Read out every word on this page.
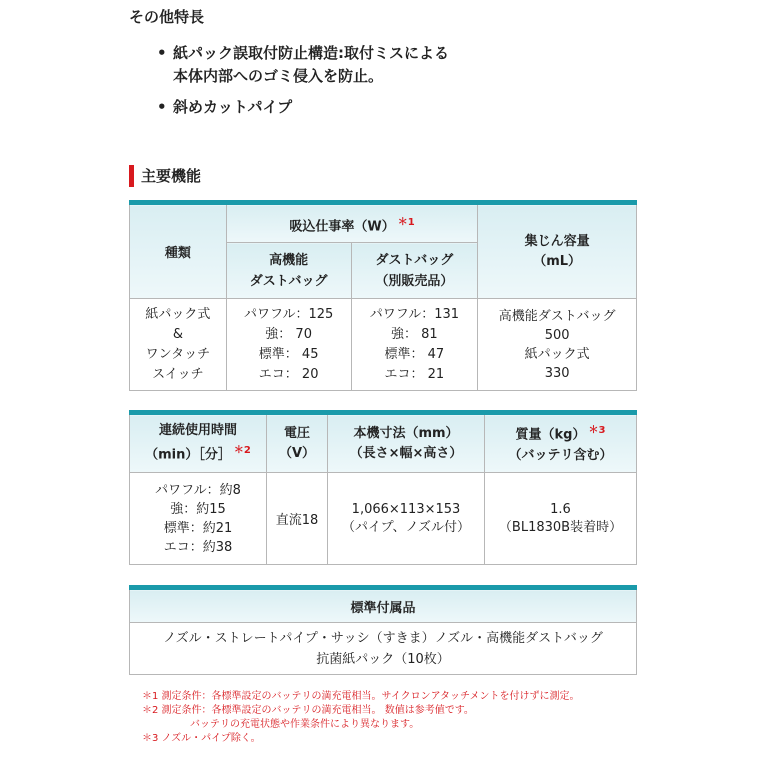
その他特長
• 紙パック誤取付防止構造:取付ミスによる
本体内部へのゴミ侵入を防止。
• 斜めカットパイプ
主要機能
種類	吸込仕事率（W） $^{*1}$		集じん容量
（mL）
	高機能
ダストバッグ	ダストバッグ
（別販売品）	
紙パック式
&
ワンタッチ
スイッチ	パワフル：125
強： 70
標準： 45
エコ： 20	パワフル：131
強： 81
標準： 47
エコ： 21	高機能ダストバッグ
500
紙パック式
330
連続使用時間
（min）［分］ $^{*2}$	電圧
（V）	本機寸法（mm）
（長さ×幅×高さ）	質量（kg） $^{*3}$
（バッテリ含む）
パワフル：約8
強：約15
標準：約21
エコ：約38	直流18	1,066×113×153
（パイプ、ノズル付）	1.6
（BL1830B装着時）
標準付属品
ノズル・ストレートパイプ・サッシ（すきま）ノズル・高機能ダストバッグ
抗菌紙パック（10枚）
＊1 測定条件：各標準設定のバッテリの満充電相当。サイクロンアタッチメントを付けずに測定。
＊2 測定条件：各標準設定のバッテリの満充電相当。 数値は参考値です。
バッテリの充電状態や作業条件により異なります。
＊3 ノズル・パイプ除く。
